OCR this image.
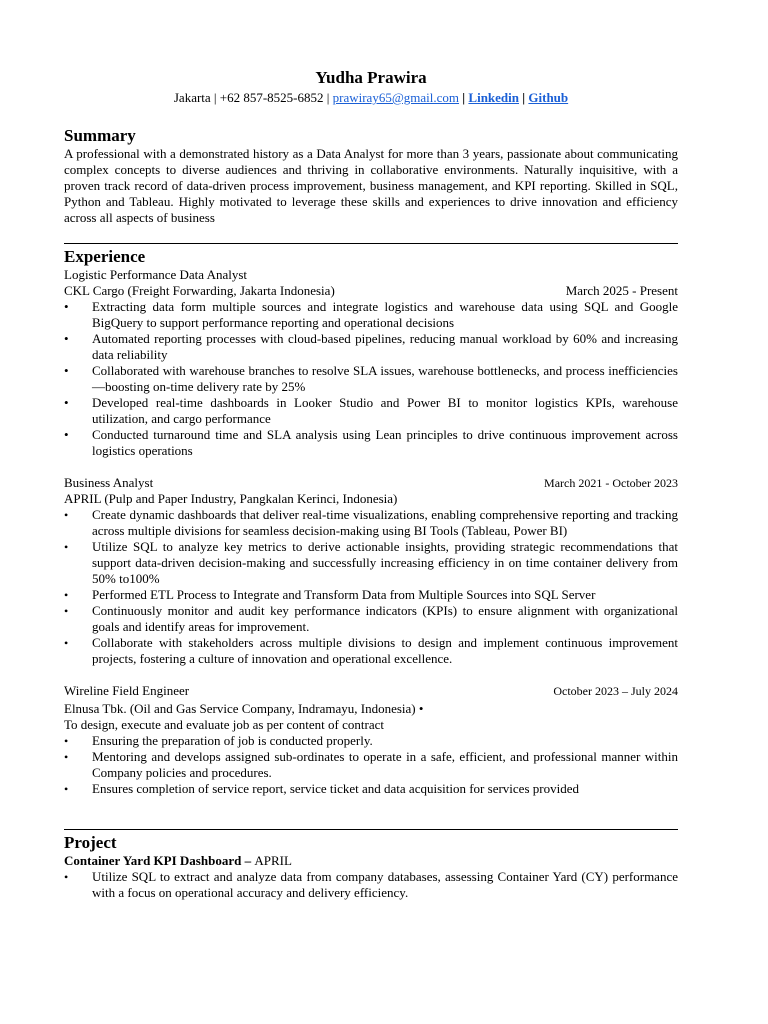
Yudha Prawira
Jakarta | +62 857-8525-6852 | prawiray65@gmail.com | Linkedin | Github
Summary

A professional with a demonstrated history as a Data Analyst for more than 3 years, passionate about communicating complex concepts to diverse audiences and thriving in collaborative environments. Naturally inquisitive, with a proven track record of data-driven process improvement, business management, and KPI reporting. Skilled in SQL, Python and Tableau. Highly motivated to leverage these skills and experiences to drive innovation and efficiency across all aspects of business

Experience
Logistic Performance Data Analyst
CKL Cargo (Freight Forwarding, Jakarta Indonesia)	March 2025 - Present
•	Extracting data form multiple sources and integrate logistics and warehouse data using SQL and Google BigQuery to support performance reporting and operational decisions
•	Automated reporting processes with cloud-based pipelines, reducing manual workload by 60% and increasing data reliability
•	Collaborated with warehouse branches to resolve SLA issues, warehouse bottlenecks, and process inefficiencies—boosting on-time delivery rate by 25%
•	Developed real-time dashboards in Looker Studio and Power BI to monitor logistics KPIs, warehouse utilization, and cargo performance
•	Conducted turnaround time and SLA analysis using Lean principles to drive continuous improvement across logistics operations
Business Analyst	March 2021 - October 2023
APRIL (Pulp and Paper Industry, Pangkalan Kerinci, Indonesia)
•	Create dynamic dashboards that deliver real-time visualizations, enabling comprehensive reporting and tracking across multiple divisions for seamless decision-making using BI Tools (Tableau, Power BI)
•	Utilize SQL to analyze key metrics to derive actionable insights, providing strategic recommendations that support data-driven decision-making and successfully increasing efficiency in on time container delivery from 50% to100%
•	Performed ETL Process to Integrate and Transform Data from Multiple Sources into SQL Server
•	Continuously monitor and audit key performance indicators (KPIs) to ensure alignment with organizational goals and identify areas for improvement.
•	Collaborate with stakeholders across multiple divisions to design and implement continuous improvement projects, fostering a culture of innovation and operational excellence.
Wireline Field Engineer	October 2023 – July 2024
Elnusa Tbk. (Oil and Gas Service Company, Indramayu, Indonesia) •
To design, execute and evaluate job as per content of contract
•	Ensuring the preparation of job is conducted properly.
•	Mentoring and develops assigned sub-ordinates to operate in a safe, efficient, and professional manner within Company policies and procedures.
•	Ensures completion of service report, service ticket and data acquisition for services provided
Project
Container Yard KPI Dashboard – APRIL
•	Utilize SQL to extract and analyze data from company databases, assessing Container Yard (CY) performance with a focus on operational accuracy and delivery efficiency.
